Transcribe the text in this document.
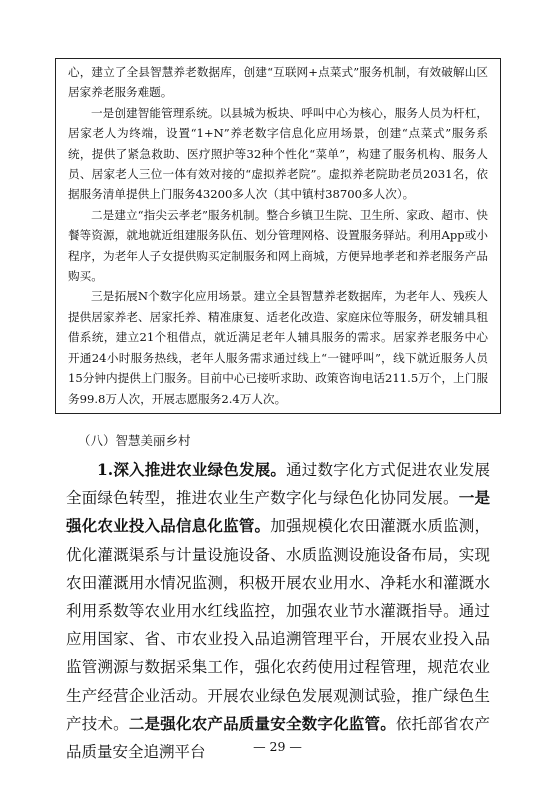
心，建立了全县智慧养老数据库，创建“互联网+点菜式”服务机制，有效破解山区居家养老服务难题。

一是创建智能管理系统。以县城为板块、呼叫中心为核心，服务人员为杆杠，居家老人为终端，设置“1+N”养老数字信息化应用场景，创建“点菜式”服务系统，提供了紧急救助、医疗照护等32种个性化“菜单”，构建了服务机构、服务人员、居家老人三位一体有效对接的“虚拟养老院”。虚拟养老院助老员2031名，依据服务清单提供上门服务43200多人次（其中镇村38700多人次）。

二是建立“指尖云孝老”服务机制。整合乡镇卫生院、卫生所、家政、超市、快餐等资源，就地就近组建服务队伍、划分管理网格、设置服务驿站。利用App或小程序，为老年人子女提供购买定制服务和网上商城，方便异地孝老和养老服务产品购买。

三是拓展N个数字化应用场景。建立全县智慧养老数据库，为老年人、残疾人提供居家养老、居家托养、精准康复、适老化改造、家庭床位等服务，研发辅具租借系统，建立21个租借点，就近满足老年人辅具服务的需求。居家养老服务中心开通24小时服务热线，老年人服务需求通过线上“一键呼叫”，线下就近服务人员15分钟内提供上门服务。目前中心已接听求助、政策咨询电话211.5万个，上门服务99.8万人次，开展志愿服务2.4万人次。

（八）智慧美丽乡村

1.深入推进农业绿色发展。通过数字化方式促进农业发展全面绿色转型，推进农业生产数字化与绿色化协同发展。一是强化农业投入品信息化监管。加强规模化农田灌溉水质监测，优化灌溉渠系与计量设施设备、水质监测设施设备布局，实现农田灌溉用水情况监测，积极开展农业用水、净耗水和灌溉水利用系数等农业用水红线监控，加强农业节水灌溉指导。通过应用国家、省、市农业投入品追溯管理平台，开展农业投入品监管溯源与数据采集工作，强化农药使用过程管理，规范农业生产经营企业活动。开展农业绿色发展观测试验，推广绿色生产技术。二是强化农产品质量安全数字化监管。依托部省农产品质量安全追溯平台	— 29 —
